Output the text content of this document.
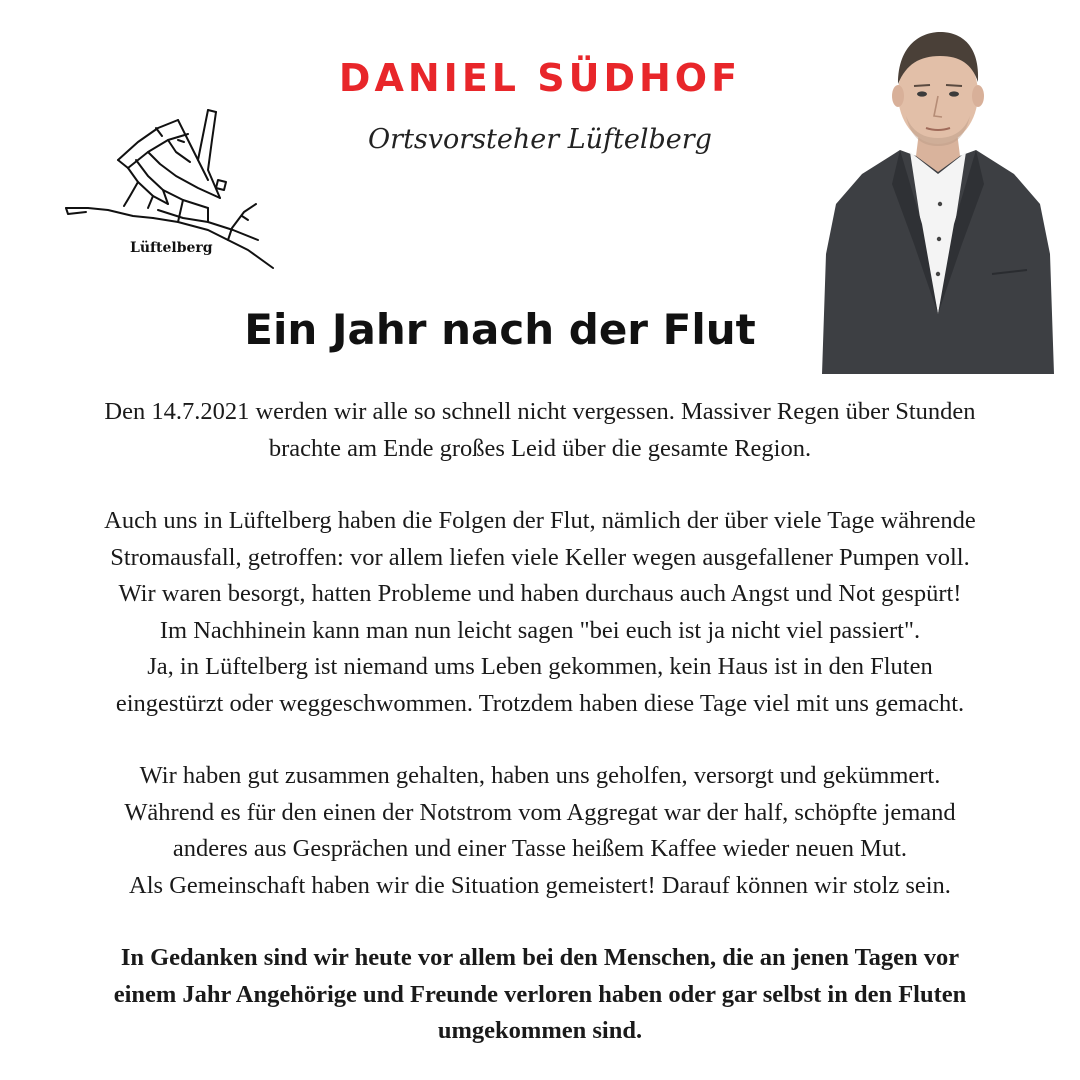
DANIEL SÜDHOF

Ortsvorsteher Lüftelberg

Lüftelberg

Ein Jahr nach der Flut

Den 14.7.2021 werden wir alle so schnell nicht vergessen. Massiver Regen über Stunden
brachte am Ende großes Leid über die gesamte Region.

Auch uns in Lüftelberg haben die Folgen der Flut, nämlich der über viele Tage währende
Stromausfall, getroffen: vor allem liefen viele Keller wegen ausgefallener Pumpen voll.
Wir waren besorgt, hatten Probleme und haben durchaus auch Angst und Not gespürt!
Im Nachhinein kann man nun leicht sagen "bei euch ist ja nicht viel passiert".
Ja, in Lüftelberg ist niemand ums Leben gekommen, kein Haus ist in den Fluten
eingestürzt oder weggeschwommen. Trotzdem haben diese Tage viel mit uns gemacht.

Wir haben gut zusammen gehalten, haben uns geholfen, versorgt und gekümmert.
Während es für den einen der Notstrom vom Aggregat war der half, schöpfte jemand
anderes aus Gesprächen und einer Tasse heißem Kaffee wieder neuen Mut.
Als Gemeinschaft haben wir die Situation gemeistert! Darauf können wir stolz sein.

In Gedanken sind wir heute vor allem bei den Menschen, die an jenen Tagen vor
einem Jahr Angehörige und Freunde verloren haben oder gar selbst in den Fluten
umgekommen sind.
